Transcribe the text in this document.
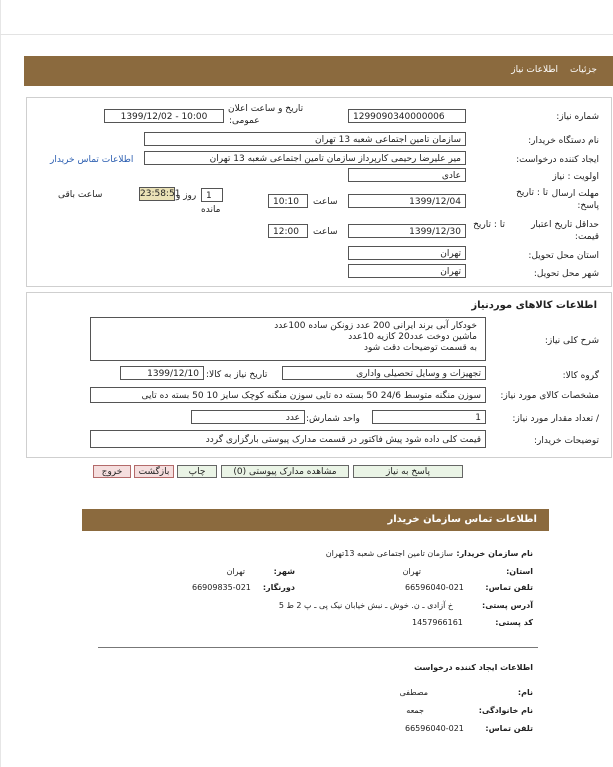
جزئیات
اطلاعات نیاز
شماره نیاز:
1299090340000006
تاریخ و ساعت اعلان
عمومی:
1399/12/02 - 10:00
نام دستگاه خریدار:
سازمان تامین اجتماعی شعبه 13 تهران
ایجاد کننده درخواست:
میر علیرضا رحیمی کارپرداز سازمان تامین اجتماعی شعبه 13 تهران
اطلاعات تماس خریدار
اولویت : نیاز
عادی
مهلت ارسال
پاسخ:
تا : تاریخ
1399/12/04
ساعت
10:10
1
روز و
مانده
23:58:51
ساعت باقی
حداقل تاریخ اعتبار
قیمت:
تا : تاریخ
1399/12/30
ساعت
12:00
استان محل تحویل:
تهران
شهر محل تحویل:
تهران
اطلاعات کالاهای موردنیاز
شرح کلی نیاز:
خودکار آبی برند ایرانی 200 عدد زونکن ساده 100عدد
ماشین دوخت عدد20 کازیه 10عدد
به قسمت توضیحات دقت شود
گروه کالا:
تجهیزات و وسایل تحصیلی واداری
تاریخ نیاز به کالا:
1399/12/10
مشخصات کالای مورد نیاز:
سوزن منگنه متوسط 24/6 50 بسته ده تایی سوزن منگنه کوچک سایز 10 50 بسته ده تایی
/ تعداد مقدار مورد نیاز:
1
واحد شمارش:
عدد
توضیحات خریدار:
قیمت کلی داده شود پیش فاکتور در قسمت مدارک پیوستی بارگزاری گردد
پاسخ به نیاز
مشاهده مدارک پیوستی (0)
چاپ
بازگشت
خروج
اطلاعات تماس سازمان خریدار
نام سازمان خریدار:
سازمان تامین اجتماعی شعبه 13تهران
استان:
تهران
شهر:
تهران
تلفن تماس:
66596040-021
دورنگار:
66909835-021
آدرس پستی:
خ آزادی ـ ن. خوش ـ نبش خیابان نیک پی ـ پ 2 ط 5
کد پستی:
1457966161
اطلاعات ایجاد کننده درخواست
نام:
مصطفی
نام خانوادگی:
جمعه
تلفن تماس:
66596040-021
